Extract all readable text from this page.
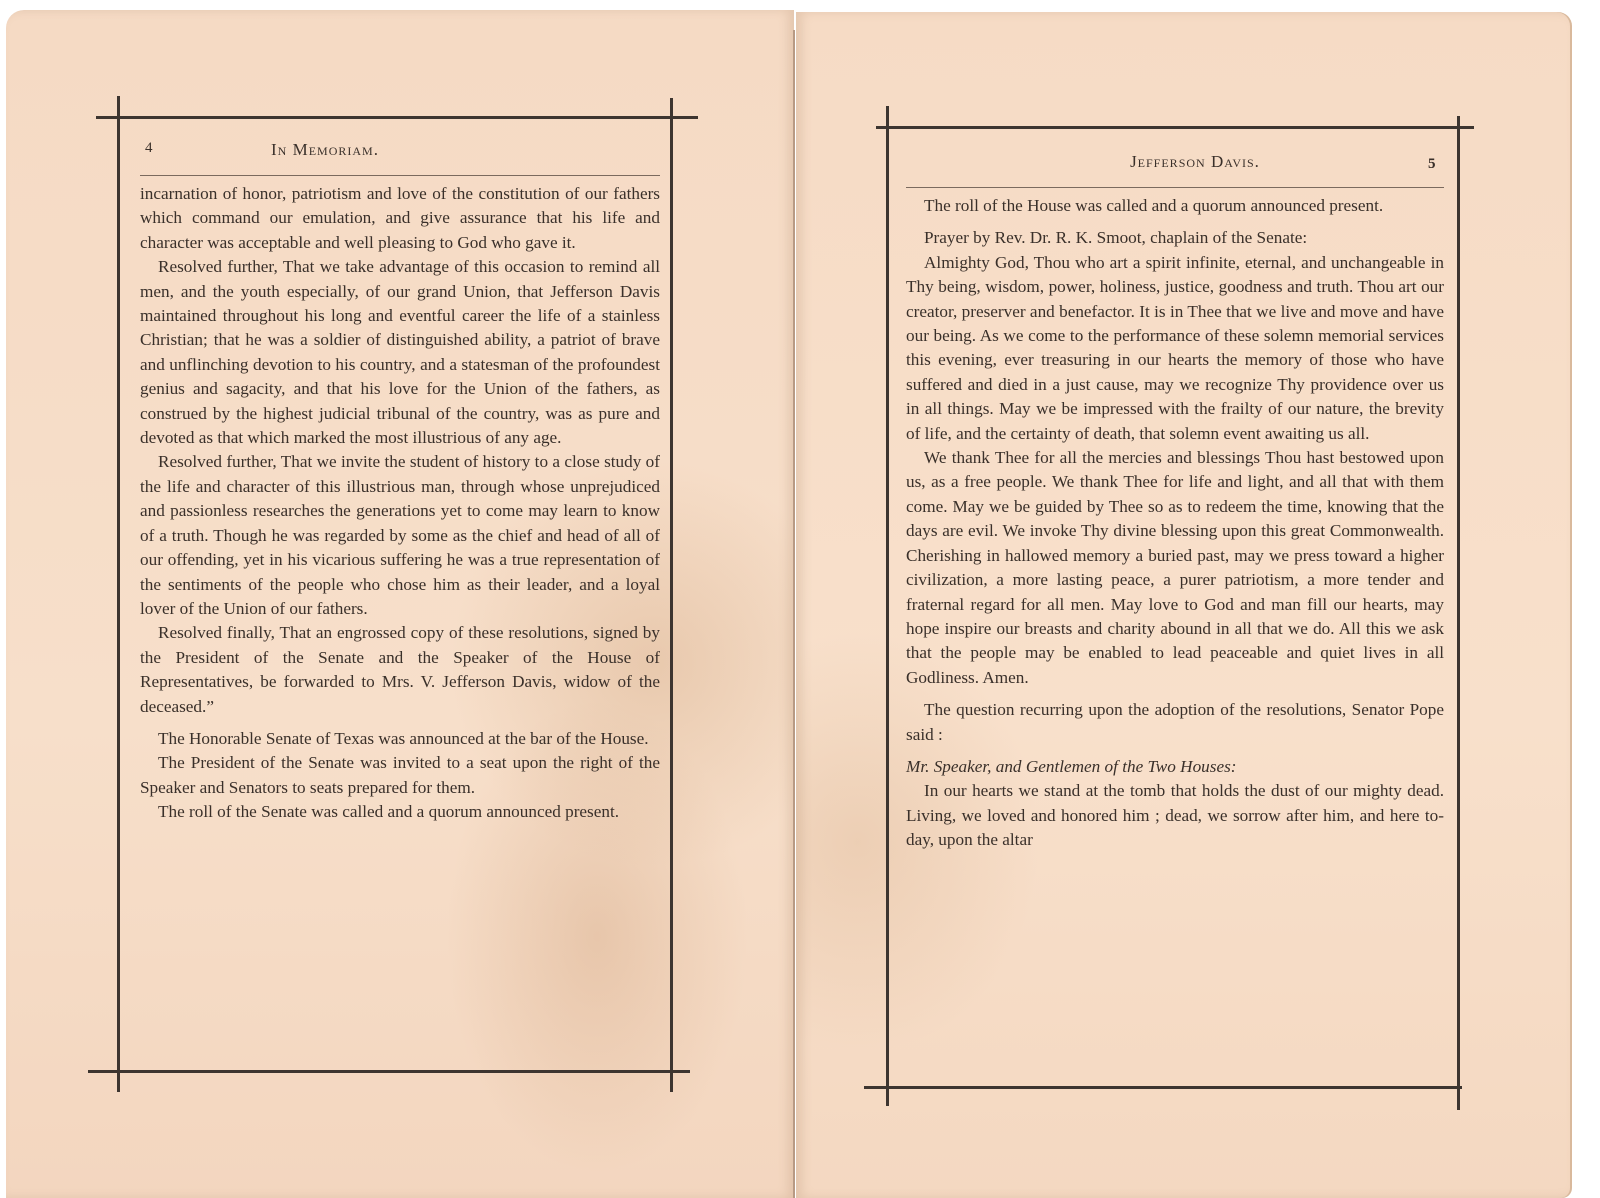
4	In Memoriam.

incarnation of honor, patriotism and love of the constitution of our fathers which command our emulation, and give assurance that his life and character was acceptable and well pleasing to God who gave it.

Resolved further, That we take advantage of this occasion to remind all men, and the youth especially, of our grand Union, that Jefferson Davis maintained throughout his long and eventful career the life of a stainless Christian; that he was a soldier of distinguished ability, a patriot of brave and unflinching devotion to his country, and a statesman of the profoundest genius and sagacity, and that his love for the Union of the fathers, as construed by the highest judicial tribunal of the country, was as pure and devoted as that which marked the most illustrious of any age.

Resolved further, That we invite the student of history to a close study of the life and character of this illustrious man, through whose unprejudiced and passionless researches the generations yet to come may learn to know of a truth. Though he was regarded by some as the chief and head of all of our offending, yet in his vicarious suffering he was a true representation of the sentiments of the people who chose him as their leader, and a loyal lover of the Union of our fathers.

Resolved finally, That an engrossed copy of these resolutions, signed by the President of the Senate and the Speaker of the House of Representatives, be forwarded to Mrs. V. Jefferson Davis, widow of the deceased.”

The Honorable Senate of Texas was announced at the bar of the House.

The President of the Senate was invited to a seat upon the right of the Speaker and Senators to seats prepared for them.

The roll of the Senate was called and a quorum announced present.

Jefferson Davis.	5

The roll of the House was called and a quorum announced present.

Prayer by Rev. Dr. R. K. Smoot, chaplain of the Senate:

Almighty God, Thou who art a spirit infinite, eternal, and unchangeable in Thy being, wisdom, power, holiness, justice, goodness and truth. Thou art our creator, preserver and benefactor. It is in Thee that we live and move and have our being. As we come to the performance of these solemn memorial services this evening, ever treasuring in our hearts the memory of those who have suffered and died in a just cause, may we recognize Thy providence over us in all things. May we be impressed with the frailty of our nature, the brevity of life, and the certainty of death, that solemn event awaiting us all.

We thank Thee for all the mercies and blessings Thou hast bestowed upon us, as a free people. We thank Thee for life and light, and all that with them come. May we be guided by Thee so as to redeem the time, knowing that the days are evil. We invoke Thy divine blessing upon this great Commonwealth. Cherishing in hallowed memory a buried past, may we press toward a higher civilization, a more lasting peace, a purer patriotism, a more tender and fraternal regard for all men. May love to God and man fill our hearts, may hope inspire our breasts and charity abound in all that we do. All this we ask that the people may be enabled to lead peaceable and quiet lives in all Godliness. Amen.

The question recurring upon the adoption of the resolutions, Senator Pope said :

Mr. Speaker, and Gentlemen of the Two Houses:

In our hearts we stand at the tomb that holds the dust of our mighty dead. Living, we loved and honored him ; dead, we sorrow after him, and here to-day, upon the altar
